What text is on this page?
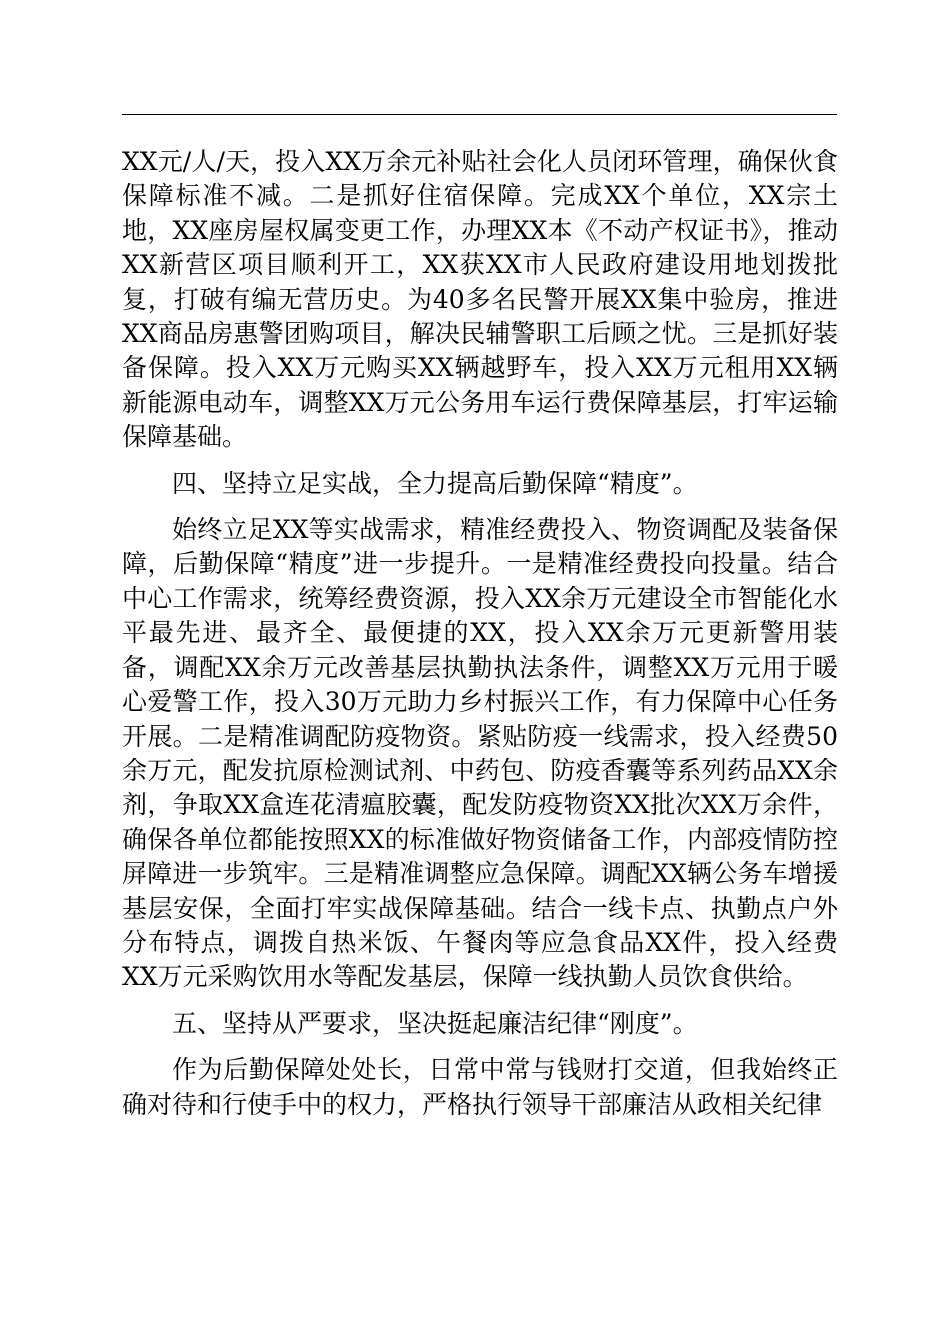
XX元/人/天，投入XX万余元补贴社会化人员闭环管理，确保伙食保障标准不减。二是抓好住宿保障。完成XX个单位，XX宗土地，XX座房屋权属变更工作，办理XX本《不动产权证书》，推动XX新营区项目顺利开工，XX获XX市人民政府建设用地划拨批复，打破有编无营历史。为40多名民警开展XX集中验房，推进XX商品房惠警团购项目，解决民辅警职工后顾之忧。三是抓好装备保障。投入XX万元购买XX辆越野车，投入XX万元租用XX辆新能源电动车，调整XX万元公务用车运行费保障基层，打牢运输保障基础。

四、坚持立足实战，全力提高后勤保障“精度”。

始终立足XX等实战需求，精准经费投入、物资调配及装备保障，后勤保障“精度”进一步提升。一是精准经费投向投量。结合中心工作需求，统筹经费资源，投入XX余万元建设全市智能化水平最先进、最齐全、最便捷的XX，投入XX余万元更新警用装备，调配XX余万元改善基层执勤执法条件，调整XX万元用于暖心爱警工作，投入30万元助力乡村振兴工作，有力保障中心任务开展。二是精准调配防疫物资。紧贴防疫一线需求，投入经费50余万元，配发抗原检测试剂、中药包、防疫香囊等系列药品XX余剂，争取XX盒连花清瘟胶囊，配发防疫物资XX批次XX万余件，确保各单位都能按照XX的标准做好物资储备工作，内部疫情防控屏障进一步筑牢。三是精准调整应急保障。调配XX辆公务车增援基层安保，全面打牢实战保障基础。结合一线卡点、执勤点户外分布特点，调拨自热米饭、午餐肉等应急食品XX件，投入经费XX万元采购饮用水等配发基层，保障一线执勤人员饮食供给。

五、坚持从严要求，坚决挺起廉洁纪律“刚度”。

作为后勤保障处处长，日常中常与钱财打交道，但我始终正确对待和行使手中的权力，严格执行领导干部廉洁从政相关纪律
